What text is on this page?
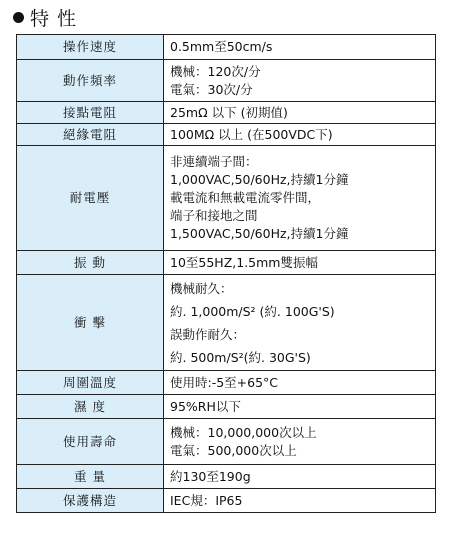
特 性
操作速度	0.5mm至50cm/s

動作頻率	機械：120次/分
電氣：30次/分

接點電阻	25mΩ 以下 (初期值)

絕緣電阻	100MΩ 以上 (在500VDC下)

耐電壓	非連續端子間：
1,000VAC,50/60Hz,持續1分鐘
載電流和無載電流零件間，
端子和接地之間
1,500VAC,50/60Hz,持續1分鐘

振 動	10至55HZ,1.5mm雙振幅

衝 擊	機械耐久：
約. 1,000m/S² (約. 100G'S)
誤動作耐久：
約. 500m/S²(約. 30G'S)

周圍溫度	使用時:-5至+65°C

濕 度	95%RH以下

使用壽命	機械：10,000,000次以上
電氣：500,000次以上

重 量	約130至190g

保護構造	IEC規：IP65
